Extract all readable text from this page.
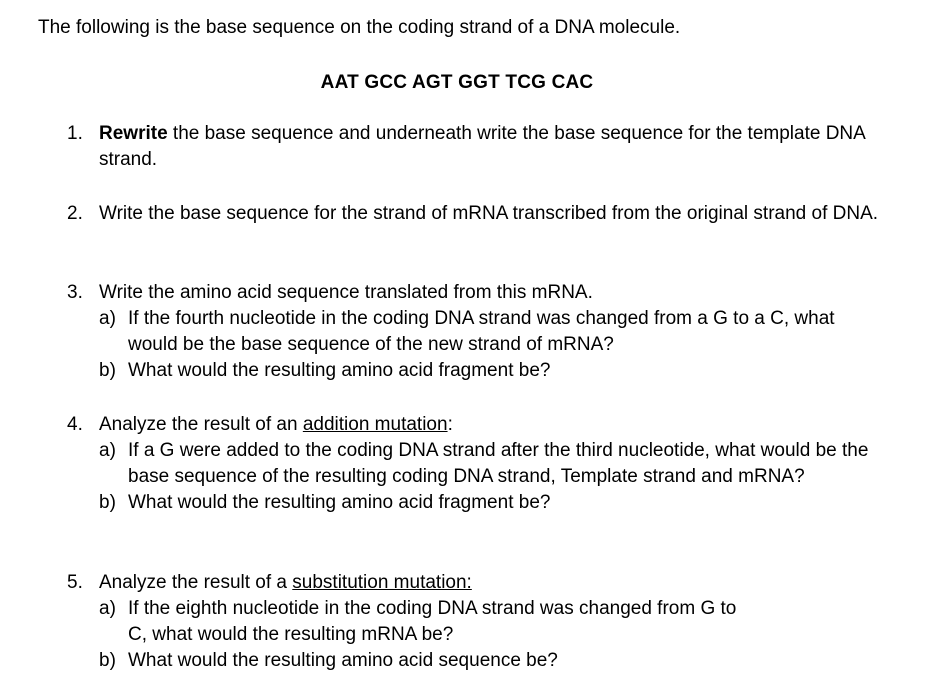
The following is the base sequence on the coding strand of a DNA molecule.
AAT GCC AGT GGT TCG CAC
1. Rewrite the base sequence and underneath write the base sequence for the template DNA strand.
2. Write the base sequence for the strand of mRNA transcribed from the original strand of DNA.
3. Write the amino acid sequence translated from this mRNA.
a) If the fourth nucleotide in the coding DNA strand was changed from a G to a C, what would be the base sequence of the new strand of mRNA?
b) What would the resulting amino acid fragment be?
4. Analyze the result of an addition mutation:
a) If a G were added to the coding DNA strand after the third nucleotide, what would be the base sequence of the resulting coding DNA strand, Template strand and mRNA?
b) What would the resulting amino acid fragment be?
5. Analyze the result of a substitution mutation:
a) If the eighth nucleotide in the coding DNA strand was changed from G to C, what would the resulting mRNA be?
b) What would the resulting amino acid sequence be?
